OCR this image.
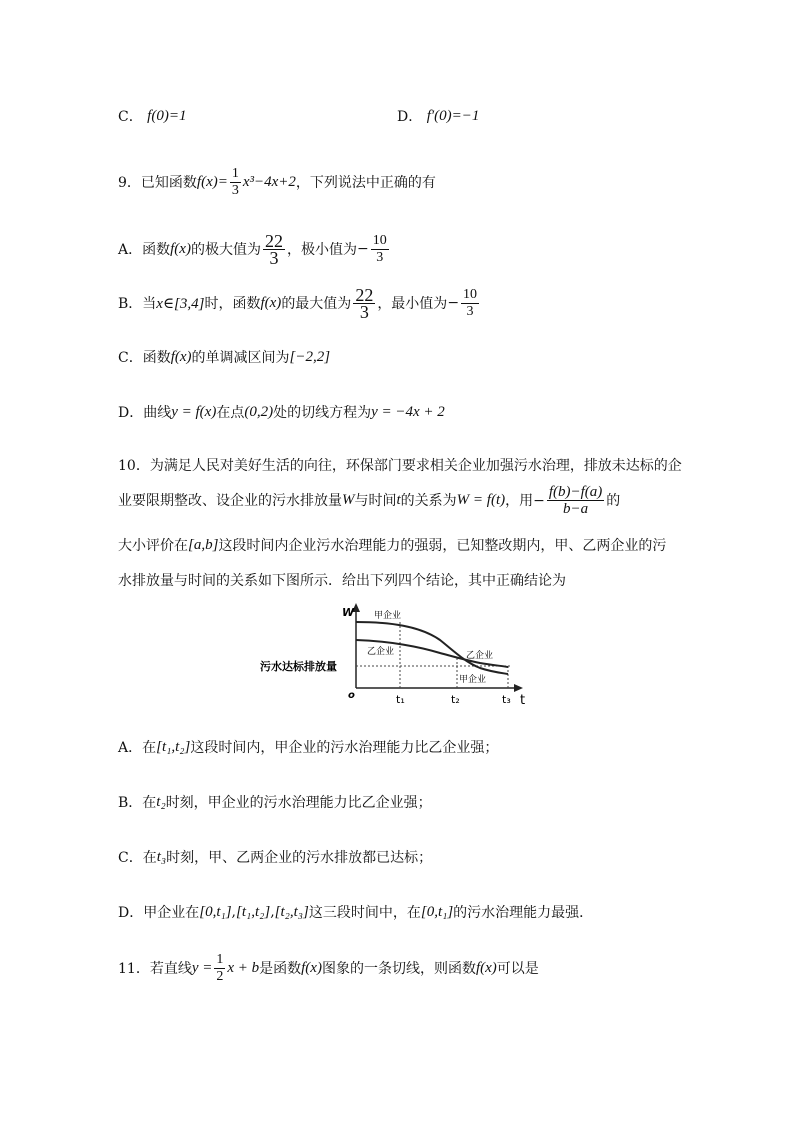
C．
f(0)=1	D．
f′(0)=−1
9．已知函数 $f(x)= \frac{1}{3} x^3-4x+2$ ，下列说法中正确的有
A．函数 f(x) 的极大值为 $\frac{22}{3}$ ，极小值为 − $\frac{10}{3}$
B．当 x∈[3,4] 时，函数 f(x) 的最大值为 $\frac{22}{3}$ ，最小值为 − $\frac{10}{3}$
C．函数 f(x) 的单调减区间为 [−2,2]
D．曲线 y = f(x) 在点 (0,2) 处的切线方程为 y = −4x + 2
10．为满足人民对美好生活的向往，环保部门要求相关企业加强污水治理，排放未达标的企
业要限期整改、设企业的污水排放量 W 与时间 t 的关系为 W = f(t) ，用− $\frac{f(b)-f(a)}{b-a}$ 的
大小评价在 [a,b] 这段时间内企业污水治理能力的强弱，已知整改期内，甲、乙两企业的污
水排放量与时间的关系如下图所示．给出下列四个结论，其中正确结论为
W
t
o
甲企业
乙企业	乙企业
甲企业
污水达标排放量
t₁	t₂	t₃
A．在 [t₁,t₂] 这段时间内，甲企业的污水治理能力比乙企业强；
B．在 t₂ 时刻，甲企业的污水治理能力比乙企业强；
C．在 t₃ 时刻，甲、乙两企业的污水排放都已达标；
D．甲企业在 [0,t₁] , [t₁,t₂] , [t₂,t₃] 这三段时间中，在 [0,t₁] 的污水治理能力最强．
11．若直线 $y = \frac{1}{2}$ x + b 是函数 f(x) 图象的一条切线，则函数 f(x) 可以是
